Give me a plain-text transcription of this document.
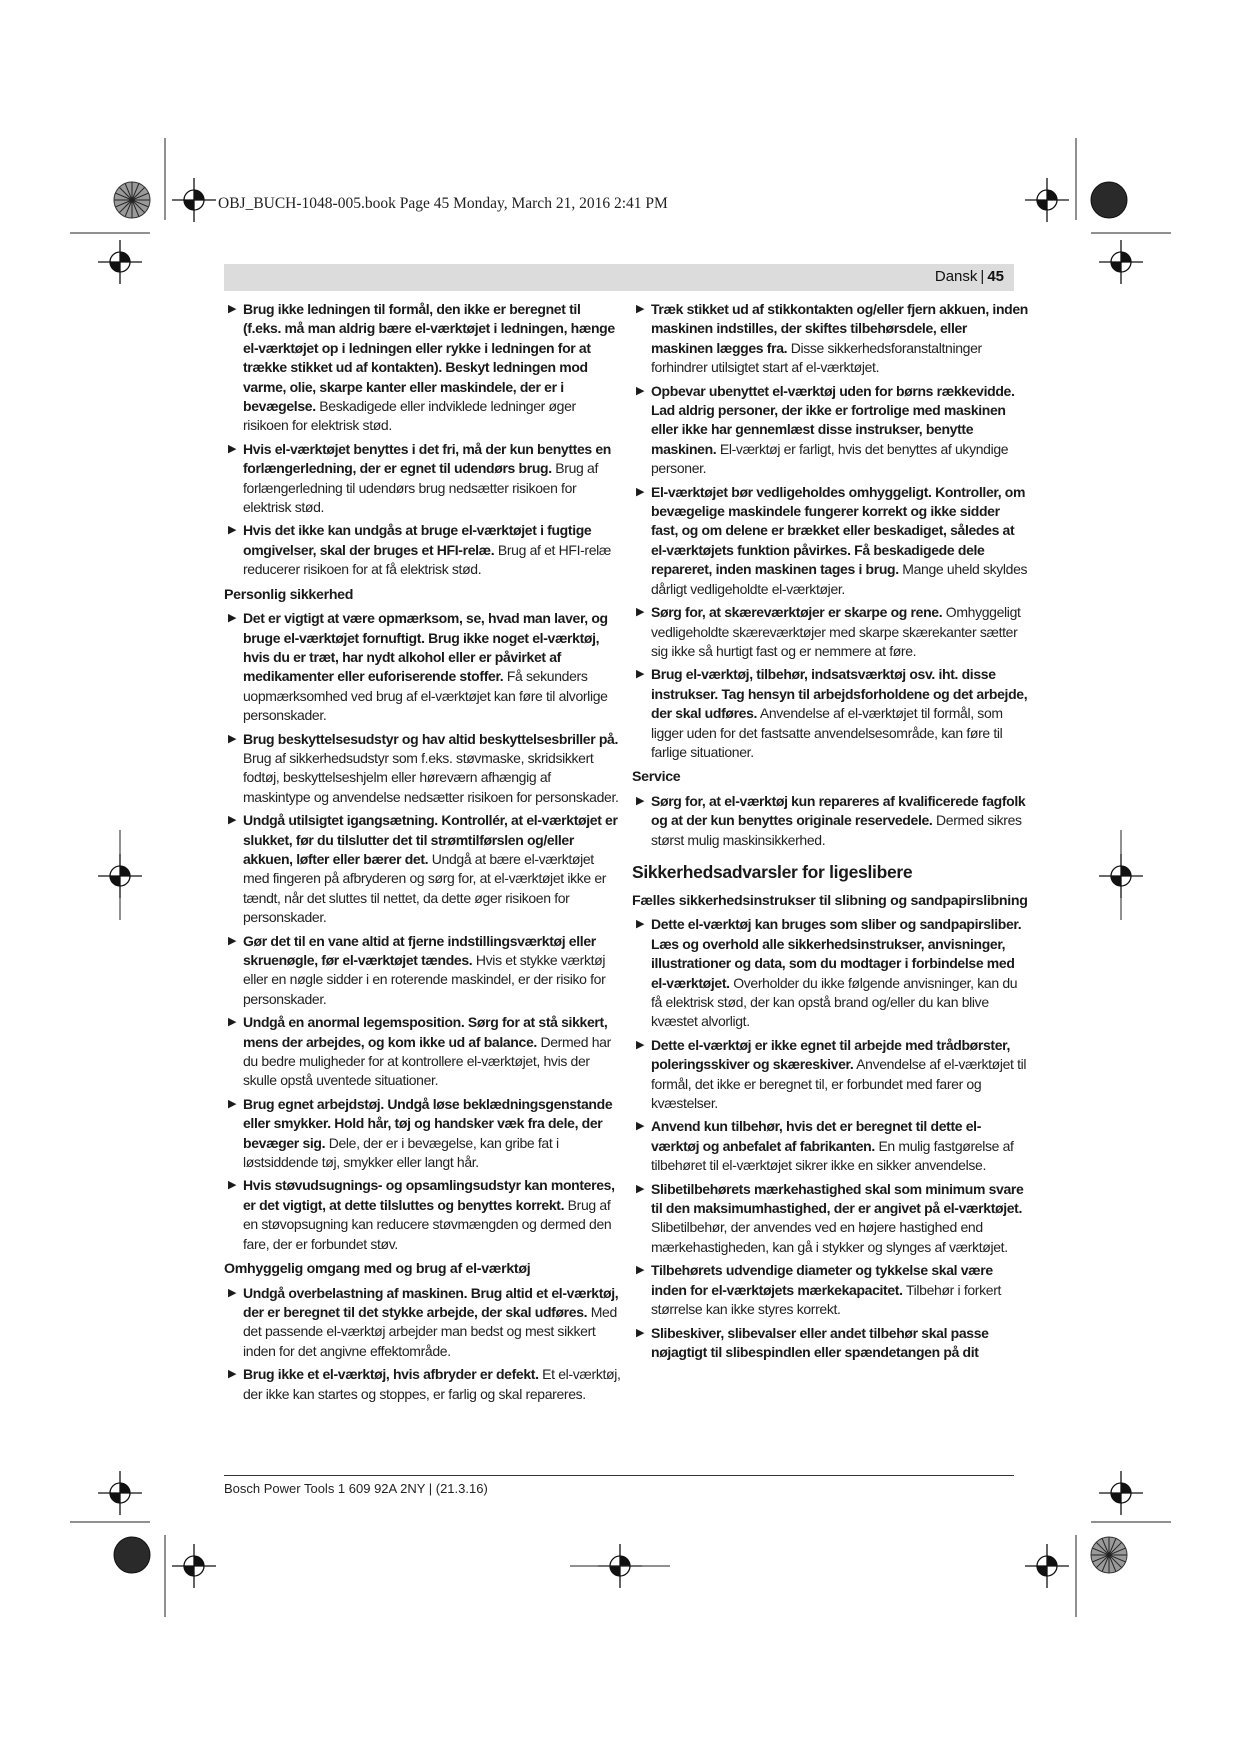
OBJ_BUCH-1048-005.book Page 45 Monday, March 21, 2016 2:41 PM
Dansk | 45
▶ Brug ikke ledningen til formål, den ikke er beregnet til (f.eks. må man aldrig bære el-værktøjet i ledningen, hænge el-værktøjet op i ledningen eller rykke i ledningen for at trække stikket ud af kontakten). Beskyt ledningen mod varme, olie, skarpe kanter eller maskindele, der er i bevægelse. Beskadigede eller indviklede ledninger øger risikoen for elektrisk stød.
▶ Hvis el-værktøjet benyttes i det fri, må der kun benyttes en forlængerledning, der er egnet til udendørs brug. Brug af forlængerledning til udendørs brug nedsætter risikoen for elektrisk stød.
▶ Hvis det ikke kan undgås at bruge el-værktøjet i fugtige omgivelser, skal der bruges et HFI-relæ. Brug af et HFI-relæ reducerer risikoen for at få elektrisk stød.
Personlig sikkerhed
▶ Det er vigtigt at være opmærksom, se, hvad man laver, og bruge el-værktøjet fornuftigt. Brug ikke noget el-værktøj, hvis du er træt, har nydt alkohol eller er påvirket af medikamenter eller euforiserende stoffer. Få sekunders uopmærksomhed ved brug af el-værktøjet kan føre til alvorlige personskader.
▶ Brug beskyttelsesudstyr og hav altid beskyttelsesbriller på. Brug af sikkerhedsudstyr som f.eks. støvmaske, skridsikkert fodtøj, beskyttelseshjelm eller høreværn afhængig af maskintype og anvendelse nedsætter risikoen for personskader.
▶ Undgå utilsigtet igangsætning. Kontrollér, at el-værktøjet er slukket, før du tilslutter det til strømtilførslen og/eller akkuen, løfter eller bærer det. Undgå at bære el-værktøjet med fingeren på afbryderen og sørg for, at el-værktøjet ikke er tændt, når det sluttes til nettet, da dette øger risikoen for personskader.
▶ Gør det til en vane altid at fjerne indstillingsværktøj eller skruenøgle, før el-værktøjet tændes. Hvis et stykke værktøj eller en nøgle sidder i en roterende maskindel, er der risiko for personskader.
▶ Undgå en anormal legemsposition. Sørg for at stå sikkert, mens der arbejdes, og kom ikke ud af balance. Dermed har du bedre muligheder for at kontrollere el-værktøjet, hvis der skulle opstå uventede situationer.
▶ Brug egnet arbejdstøj. Undgå løse beklædningsgenstande eller smykker. Hold hår, tøj og handsker væk fra dele, der bevæger sig. Dele, der er i bevægelse, kan gribe fat i løstsiddende tøj, smykker eller langt hår.
▶ Hvis støvudsugnings- og opsamlingsudstyr kan monteres, er det vigtigt, at dette tilsluttes og benyttes korrekt. Brug af en støvopsugning kan reducere støvmængden og dermed den fare, der er forbundet støv.
Omhyggelig omgang med og brug af el-værktøj
▶ Undgå overbelastning af maskinen. Brug altid et el-værktøj, der er beregnet til det stykke arbejde, der skal udføres. Med det passende el-værktøj arbejder man bedst og mest sikkert inden for det angivne effektområde.
▶ Brug ikke et el-værktøj, hvis afbryder er defekt. Et el-værktøj, der ikke kan startes og stoppes, er farlig og skal repareres.
▶ Træk stikket ud af stikkontakten og/eller fjern akkuen, inden maskinen indstilles, der skiftes tilbehørsdele, eller maskinen lægges fra. Disse sikkerhedsforanstaltninger forhindrer utilsigtet start af el-værktøjet.
▶ Opbevar ubenyttet el-værktøj uden for børns rækkevidde. Lad aldrig personer, der ikke er fortrolige med maskinen eller ikke har gennemlæst disse instrukser, benytte maskinen. El-værktøj er farligt, hvis det benyttes af ukyndige personer.
▶ El-værktøjet bør vedligeholdes omhyggeligt. Kontroller, om bevægelige maskindele fungerer korrekt og ikke sidder fast, og om delene er brækket eller beskadiget, således at el-værktøjets funktion påvirkes. Få beskadigede dele repareret, inden maskinen tages i brug. Mange uheld skyldes dårligt vedligeholdte el-værktøjer.
▶ Sørg for, at skæreværktøjer er skarpe og rene. Omhyggeligt vedligeholdte skæreværktøjer med skarpe skærekanter sætter sig ikke så hurtigt fast og er nemmere at føre.
▶ Brug el-værktøj, tilbehør, indsatsværktøj osv. iht. disse instrukser. Tag hensyn til arbejdsforholdene og det arbejde, der skal udføres. Anvendelse af el-værktøjet til formål, som ligger uden for det fastsatte anvendelsesområde, kan føre til farlige situationer.
Service
▶ Sørg for, at el-værktøj kun repareres af kvalificerede fagfolk og at der kun benyttes originale reservedele. Dermed sikres størst mulig maskinsikkerhed.
Sikkerhedsadvarsler for ligeslibere
Fælles sikkerhedsinstrukser til slibning og sandpapirslibning
▶ Dette el-værktøj kan bruges som sliber og sandpapirsliber. Læs og overhold alle sikkerhedsinstrukser, anvisninger, illustrationer og data, som du modtager i forbindelse med el-værktøjet. Overholder du ikke følgende anvisninger, kan du få elektrisk stød, der kan opstå brand og/eller du kan blive kvæstet alvorligt.
▶ Dette el-værktøj er ikke egnet til arbejde med trådbørster, poleringsskiver og skæreskiver. Anvendelse af el-værktøjet til formål, det ikke er beregnet til, er forbundet med farer og kvæstelser.
▶ Anvend kun tilbehør, hvis det er beregnet til dette el-værktøj og anbefalet af fabrikanten. En mulig fastgørelse af tilbehøret til el-værktøjet sikrer ikke en sikker anvendelse.
▶ Slibetilbehørets mærkehastighed skal som minimum svare til den maksimumhastighed, der er angivet på el-værktøjet. Slibetilbehør, der anvendes ved en højere hastighed end mærkehastigheden, kan gå i stykker og slynges af værktøjet.
▶ Tilbehørets udvendige diameter og tykkelse skal være inden for el-værktøjets mærkekapacitet. Tilbehør i forkert størrelse kan ikke styres korrekt.
▶ Slibeskiver, slibevalser eller andet tilbehør skal passe nøjagtigt til slibespindlen eller spændetangen på dit
Bosch Power Tools 1 609 92A 2NY | (21.3.16)
